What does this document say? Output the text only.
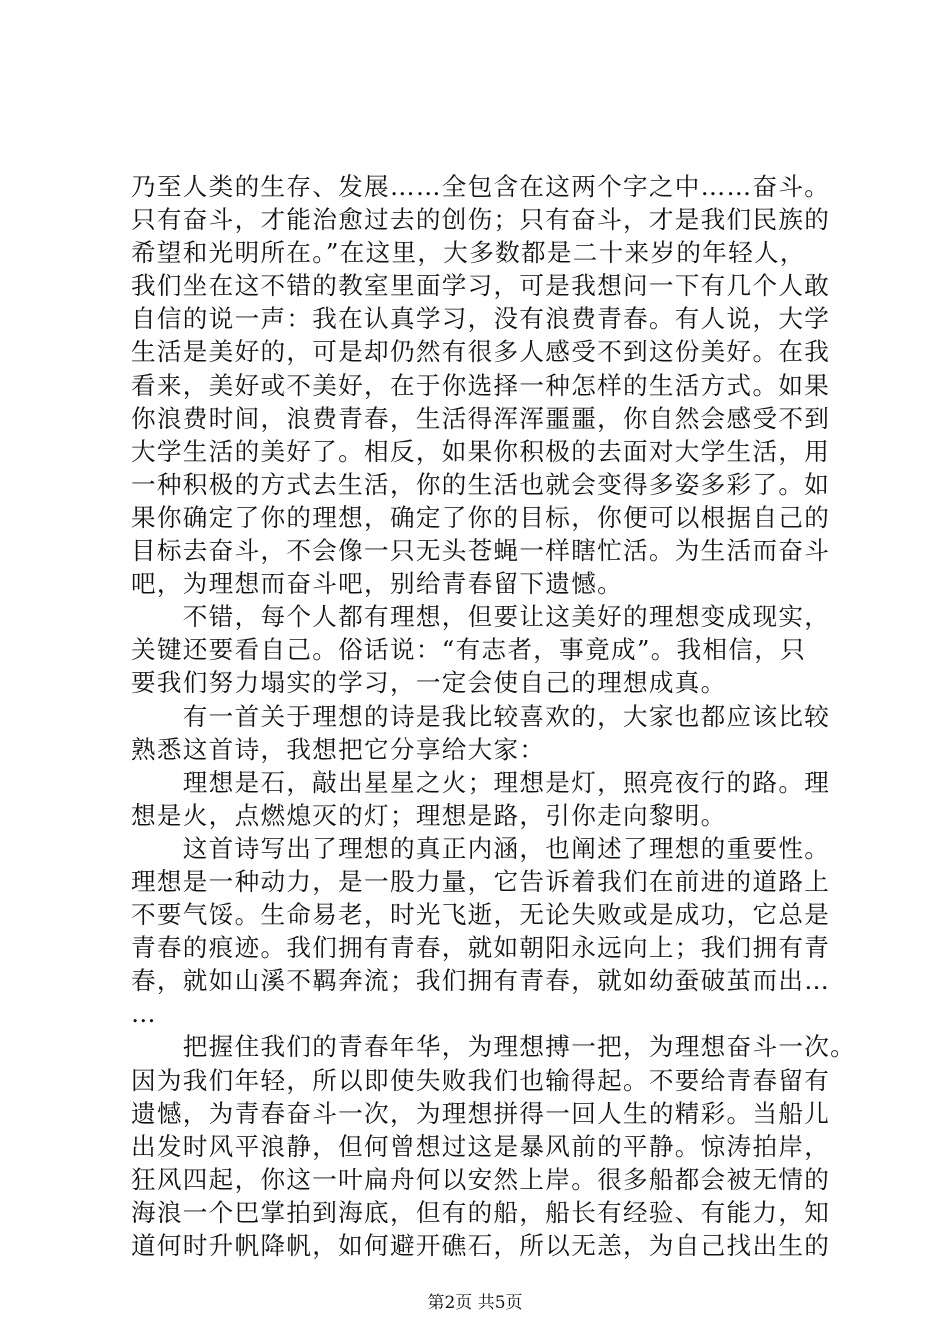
乃至人类的生存、发展……全包含在这两个字之中……奋斗。
只有奋斗，才能治愈过去的创伤；只有奋斗，才是我们民族的
希望和光明所在。”在这里，大多数都是二十来岁的年轻人，
我们坐在这不错的教室里面学习，可是我想问一下有几个人敢
自信的说一声：我在认真学习，没有浪费青春。有人说，大学
生活是美好的，可是却仍然有很多人感受不到这份美好。在我
看来，美好或不美好，在于你选择一种怎样的生活方式。如果
你浪费时间，浪费青春，生活得浑浑噩噩，你自然会感受不到
大学生活的美好了。相反，如果你积极的去面对大学生活，用
一种积极的方式去生活，你的生活也就会变得多姿多彩了。如
果你确定了你的理想，确定了你的目标，你便可以根据自己的
目标去奋斗，不会像一只无头苍蝇一样瞎忙活。为生活而奋斗
吧，为理想而奋斗吧，别给青春留下遗憾。
　　不错，每个人都有理想，但要让这美好的理想变成现实，
关键还要看自己。俗话说：“有志者，事竟成”。我相信，只
要我们努力塌实的学习，一定会使自己的理想成真。
　　有一首关于理想的诗是我比较喜欢的，大家也都应该比较
熟悉这首诗，我想把它分享给大家：
　　理想是石，敲出星星之火；理想是灯，照亮夜行的路。理
想是火，点燃熄灭的灯；理想是路，引你走向黎明。
　　这首诗写出了理想的真正内涵，也阐述了理想的重要性。
理想是一种动力，是一股力量，它告诉着我们在前进的道路上
不要气馁。生命易老，时光飞逝，无论失败或是成功，它总是
青春的痕迹。我们拥有青春，就如朝阳永远向上；我们拥有青
春，就如山溪不羁奔流；我们拥有青春，就如幼蚕破茧而出…
…
　　把握住我们的青春年华，为理想搏一把，为理想奋斗一次。
因为我们年轻，所以即使失败我们也输得起。不要给青春留有
遗憾，为青春奋斗一次，为理想拼得一回人生的精彩。当船儿
出发时风平浪静，但何曾想过这是暴风前的平静。惊涛拍岸，
狂风四起，你这一叶扁舟何以安然上岸。很多船都会被无情的
海浪一个巴掌拍到海底，但有的船，船长有经验、有能力，知
道何时升帆降帆，如何避开礁石，所以无恙，为自己找出生的
第2页 共5页
